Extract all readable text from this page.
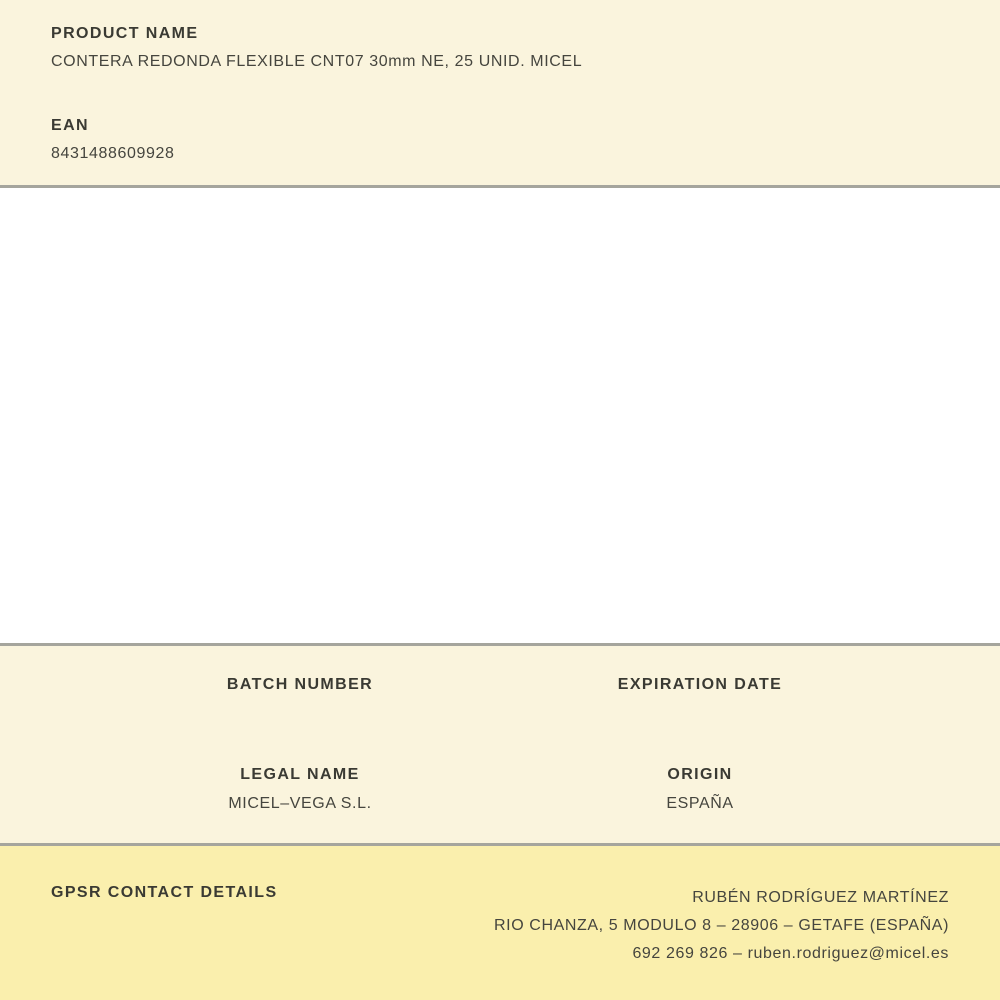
PRODUCT NAME
CONTERA REDONDA FLEXIBLE CNT07 30mm NE, 25 UNID. MICEL
EAN
8431488609928
BATCH NUMBER	EXPIRATION DATE
LEGAL NAME
MICEL–VEGA S.L.
ORIGIN
ESPAÑA
GPSR CONTACT DETAILS	RUBÉN RODRÍGUEZ MARTÍNEZ
RIO CHANZA, 5 MODULO 8 – 28906 – GETAFE (ESPAÑA)
692 269 826 – ruben.rodriguez@micel.es
